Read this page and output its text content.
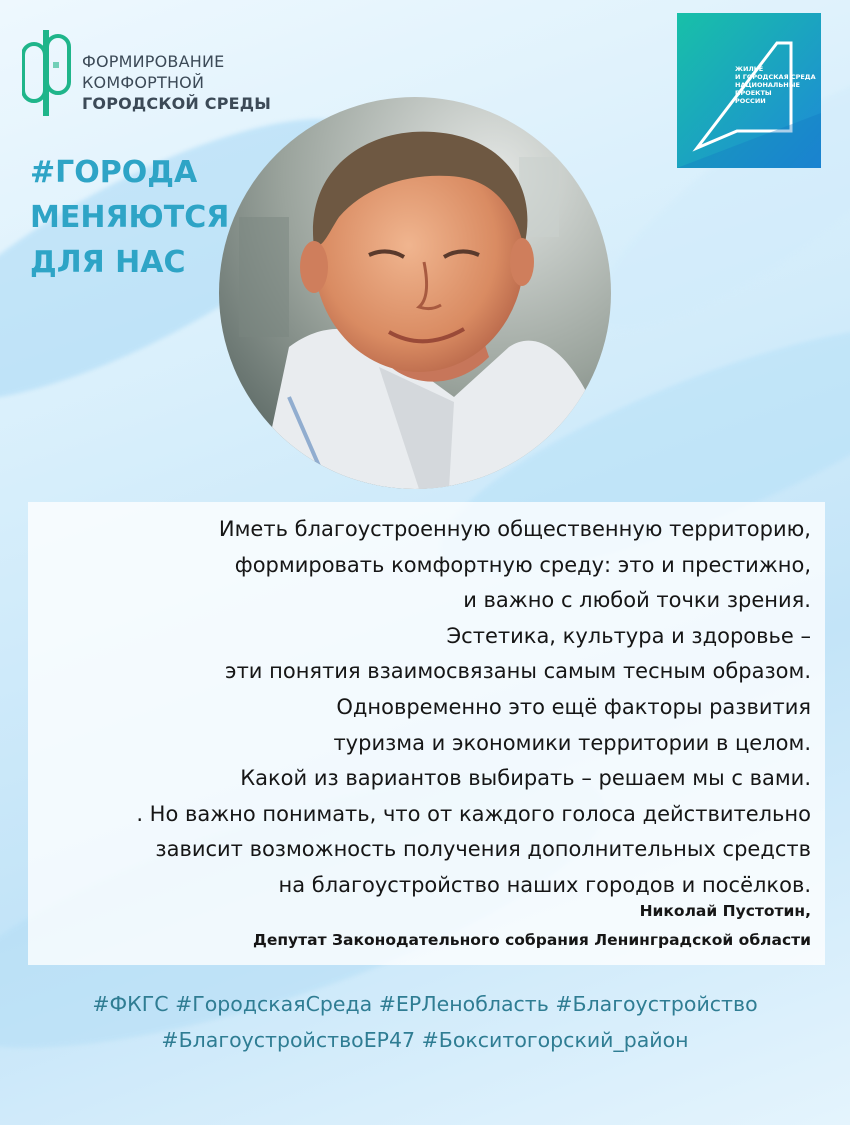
ФОРМИРОВАНИЕ
КОМФОРТНОЙ
ГОРОДСКОЙ СРЕДЫ
ЖИЛЬЕ
И ГОРОДСКАЯ СРЕДА
НАЦИОНАЛЬНЫЕ
ПРОЕКТЫ
РОССИИ
#ГОРОДА
МЕНЯЮТСЯ
ДЛЯ НАС
Иметь благоустроенную общественную территорию,
формировать комфортную среду: это и престижно,
и важно с любой точки зрения.
Эстетика, культура и здоровье –
эти понятия взаимосвязаны самым тесным образом.
Одновременно это ещё факторы развития
туризма и экономики территории в целом.
Какой из вариантов выбирать – решаем мы с вами.
. Но важно понимать, что от каждого голоса действительно
зависит возможность получения дополнительных средств
на благоустройство наших городов и посёлков.
Николай Пустотин,
Депутат Законодательного собрания Ленинградской области
#ФКГС #ГородскаяСреда #ЕРЛенобласть #Благоустройство
#БлагоустройствоЕР47 #Бокситогорский_район
